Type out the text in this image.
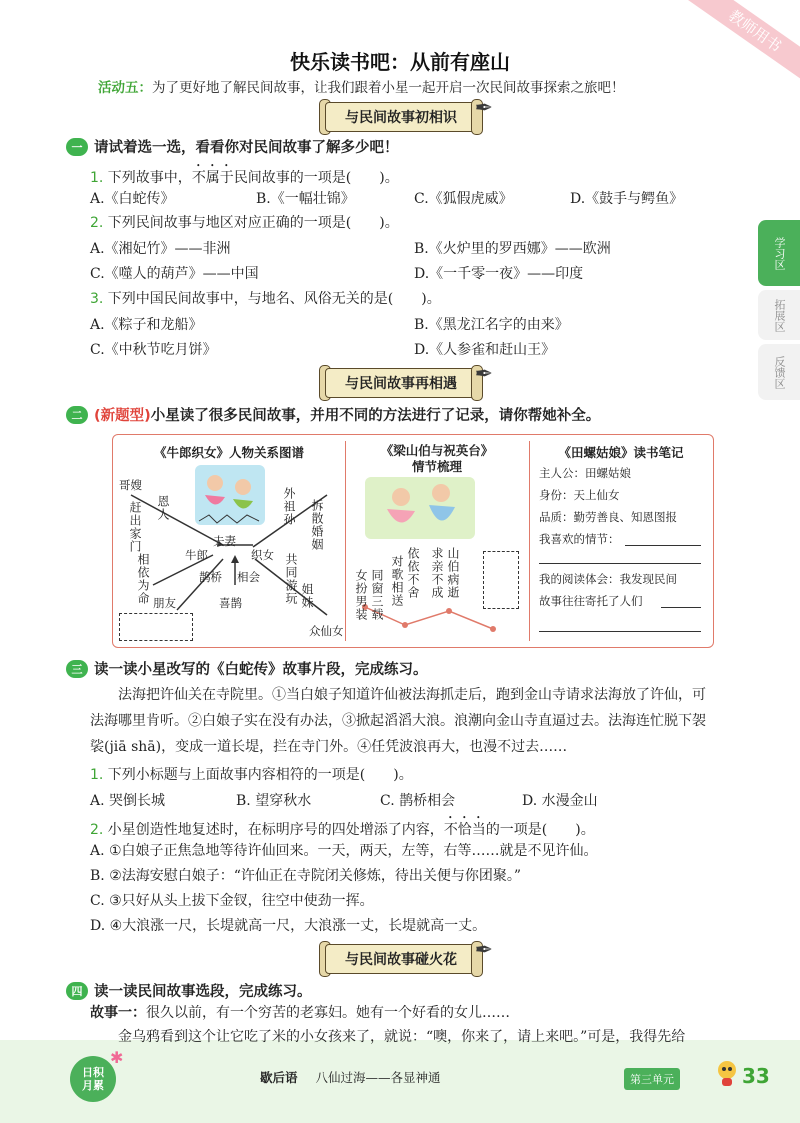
教师用书
快乐读书吧：从前有座山
活动五：为了更好地了解民间故事，让我们跟着小星一起开启一次民间故事探索之旅吧！
与民间故事初相识 ✒
学习区
拓展区
反馈区
一 请试着选一选，看看你对民间故事了解多少吧！
1. 下列故事中，不属于民间故事的一项是(　　)。
A.《白蛇传》	B.《一幅壮锦》	C.《狐假虎威》	D.《鼓手与鳄鱼》
2. 下列民间故事与地区对应正确的一项是(　　)。
A.《湘妃竹》——非洲	B.《火炉里的罗西娜》——欧洲
C.《噬人的葫芦》——中国	D.《一千零一夜》——印度
3. 下列中国民间故事中，与地名、风俗无关的是(　　)。
A.《粽子和龙船》	B.《黑龙江名字的由来》
C.《中秋节吃月饼》	D.《人参雀和赶山王》
与民间故事再相遇 ✒
二 (新题型) 小星读了很多民间故事，并用不同的方法进行了记录，请你帮她补全。
《牛郎织女》人物关系图谱
哥嫂
恩人
赶出家门	夫妻
牛郎	织女
外祖孙 拆散婚姻
鹊桥 相会
喜鹊
相依为命 朋友	共同游玩 姐妹
众仙女
《梁山伯与祝英台》
情节梳理
女扮男装 同窗三载 对歌相送 依依不舍 求亲不成 山伯病逝
《田螺姑娘》读书笔记
主人公：田螺姑娘
身份：天上仙女
品质：勤劳善良、知恩图报
我喜欢的情节：
我的阅读体会：我发现民间
故事往往寄托了人们
三 读一读小星改写的《白蛇传》故事片段，完成练习。
法海把许仙关在寺院里。①当白娘子知道许仙被法海抓走后，跑到金山寺请求法海放了许仙，可法海哪里肯听。②白娘子实在没有办法，③掀起滔滔大浪。浪潮向金山寺直逼过去。法海连忙脱下袈裟(jiā shā)，变成一道长堤，拦在寺门外。④任凭波浪再大，也漫不过去……
1. 下列小标题与上面故事内容相符的一项是(　　)。
A. 哭倒长城	B. 望穿秋水	C. 鹊桥相会	D. 水漫金山
2. 小星创造性地复述时，在标明序号的四处增添了内容，不恰当的一项是(　　)。
A. ①白娘子正焦急地等待许仙回来。一天，两天，左等，右等……就是不见许仙。
B. ②法海安慰白娘子：“许仙正在寺院闭关修炼，待出关便与你团聚。”
C. ③只好从头上拔下金钗，往空中使劲一挥。
D. ④大浪涨一尺，长堤就高一尺，大浪涨一丈，长堤就高一丈。
与民间故事碰火花 ✒
四 读一读民间故事选段，完成练习。
故事一：很久以前，有一个穷苦的老寡妇。她有一个好看的女儿……
金乌鸦看到这个让它吃了米的小女孩来了，就说：“噢，你来了，请上来吧。”可是，我得先给
日积
月累
✱
歇后语 八仙过海——各显神通	第三单元	33
